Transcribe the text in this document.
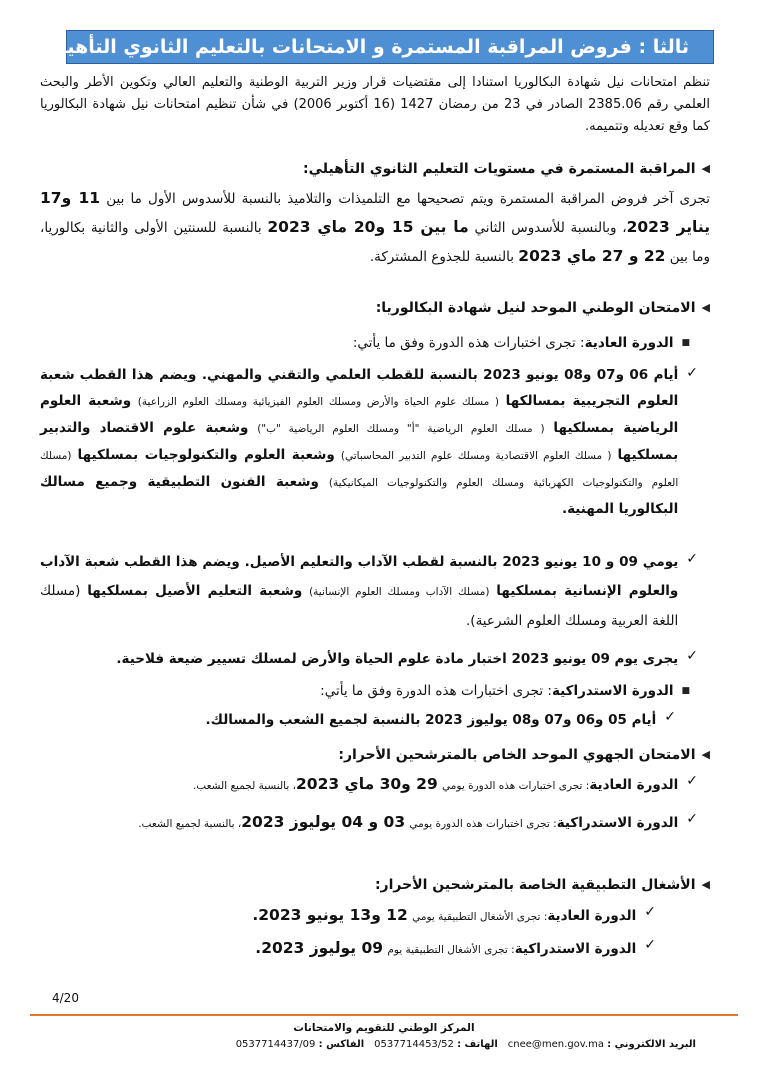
ثالثا : فروض المراقبة المستمرة و الامتحانات بالتعليم الثانوي التأهيلي
تنظم امتحانات نيل شهادة البكالوريا استنادا إلى مقتضيات قرار وزير التربية الوطنية والتعليم العالي وتكوين الأطر والبحث العلمي رقم 2385.06 الصادر في 23 من رمضان 1427 (16 أكتوبر 2006) في شأن تنظيم امتحانات نيل شهادة البكالوريا كما وقع تعديله وتتميمه.
◀
المراقبة المستمرة في مستويات التعليم الثانوي التأهيلي:
تجرى آخر فروض المراقبة المستمرة ويتم تصحيحها مع التلميذات والتلاميذ بالنسبة للأسدوس الأول ما بين 11 و17 يناير 2023، وبالنسبة للأسدوس الثاني ما بين 15 و20 ماي 2023 بالنسبة للسنتين الأولى والثانية بكالوريا، وما بين 22 و 27 ماي 2023 بالنسبة للجذوع المشتركة.
◀
الامتحان الوطني الموحد لنيل شهادة البكالوريا:
■
الدورة العادية: تجرى اختبارات هذه الدورة وفق ما يأتي:
✓
أيام 06 و07 و08 يونيو 2023 بالنسبة للقطب العلمي والتقني والمهني. ويضم هذا القطب شعبة العلوم التجريبية بمسالكها ( مسلك علوم الحياة والأرض ومسلك العلوم الفيزيائية ومسلك العلوم الزراعية) وشعبة العلوم الرياضية بمسلكيها ( مسلك العلوم الرياضية "أ" ومسلك العلوم الرياضية "ب") وشعبة علوم الاقتصاد والتدبير بمسلكيها ( مسلك العلوم الاقتصادية ومسلك علوم التدبير المحاسباتي) وشعبة العلوم والتكنولوجيات بمسلكيها (مسلك العلوم والتكنولوجيات الكهربائية ومسلك العلوم والتكنولوجيات الميكانيكية) وشعبة الفنون التطبيقية وجميع مسالك البكالوريا المهنية.
✓
يومي 09 و 10 يونيو 2023 بالنسبة لقطب الآداب والتعليم الأصيل. ويضم هذا القطب شعبة الآداب والعلوم الإنسانية بمسلكيها (مسلك الآداب ومسلك العلوم الإنسانية) وشعبة التعليم الأصيل بمسلكيها (مسلك اللغة العربية ومسلك العلوم الشرعية).
✓
يجرى يوم 09 يونيو 2023 اختبار مادة علوم الحياة والأرض لمسلك تسيير ضيعة فلاحية.
■
الدورة الاستدراكية: تجرى اختبارات هذه الدورة وفق ما يأتي:
✓
أيام 05 و06 و07 و08 يوليوز 2023 بالنسبة لجميع الشعب والمسالك.
◀
الامتحان الجهوي الموحد الخاص بالمترشحين الأحرار:
✓
الدورة العادية: تجرى اختبارات هذه الدورة يومي 29 و30 ماي 2023، بالنسبة لجميع الشعب.
✓
الدورة الاستدراكية: تجرى اختبارات هذه الدورة يومي 03 و 04 يوليوز 2023، بالنسبة لجميع الشعب.
◀
الأشغال التطبيقية الخاصة بالمترشحين الأحرار:
✓
الدورة العادية: تجرى الأشغال التطبيقية يومي 12 و13 يونيو 2023.
✓
الدورة الاستدراكية: تجرى الأشغال التطبيقية يوم 09 يوليوز 2023.
4/20
المركز الوطني للتقويم والامتحانات
البريد الالكتروني : cnee@men.gov.ma
الهاتف : 0537714453/52
الفاكس : 0537714437/09
